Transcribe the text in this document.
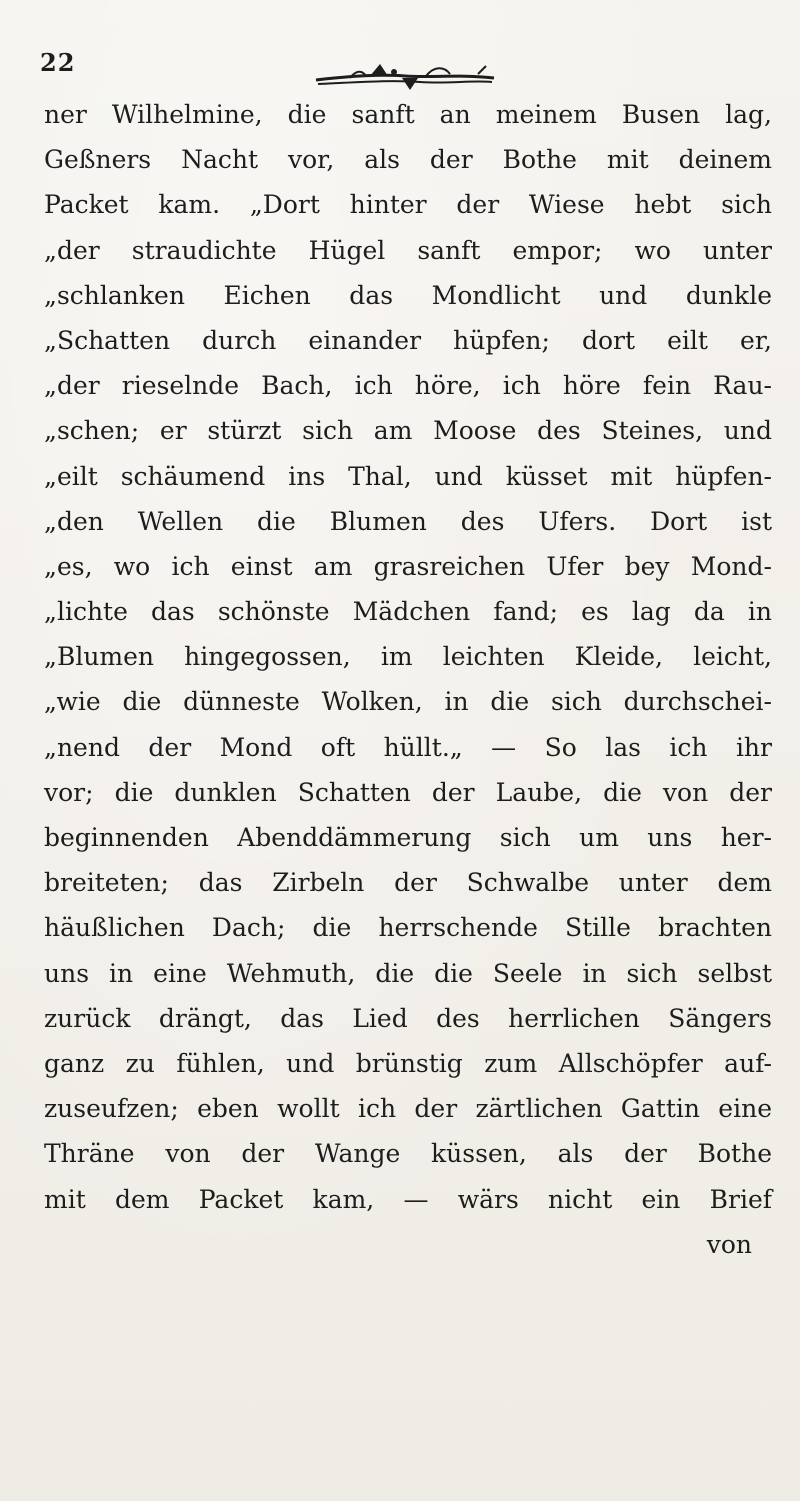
22
ner Wilhelmine, die sanft an meinem Busen lag,
Geßners Nacht vor, als der Bothe mit deinem
Packet kam. „Dort hinter der Wiese hebt sich
„der straudichte Hügel sanft empor; wo unter
„schlanken Eichen das Mondlicht und dunkle
„Schatten durch einander hüpfen; dort eilt er,
„der rieselnde Bach, ich höre, ich höre fein Rau-
„schen; er stürzt sich am Moose des Steines, und
„eilt schäumend ins Thal, und küsset mit hüpfen-
„den Wellen die Blumen des Ufers. Dort ist
„es, wo ich einst am grasreichen Ufer bey Mond-
„lichte das schönste Mädchen fand; es lag da in
„Blumen hingegossen, im leichten Kleide, leicht,
„wie die dünneste Wolken, in die sich durchschei-
„nend der Mond oft hüllt.„ — So las ich ihr
vor; die dunklen Schatten der Laube, die von der
beginnenden Abenddämmerung sich um uns her-
breiteten; das Zirbeln der Schwalbe unter dem
häußlichen Dach; die herrschende Stille brachten
uns in eine Wehmuth, die die Seele in sich selbst
zurück drängt, das Lied des herrlichen Sängers
ganz zu fühlen, und brünstig zum Allschöpfer auf-
zuseufzen; eben wollt ich der zärtlichen Gattin eine
Thräne von der Wange küssen, als der Bothe
mit dem Packet kam, — wärs nicht ein Brief
von
